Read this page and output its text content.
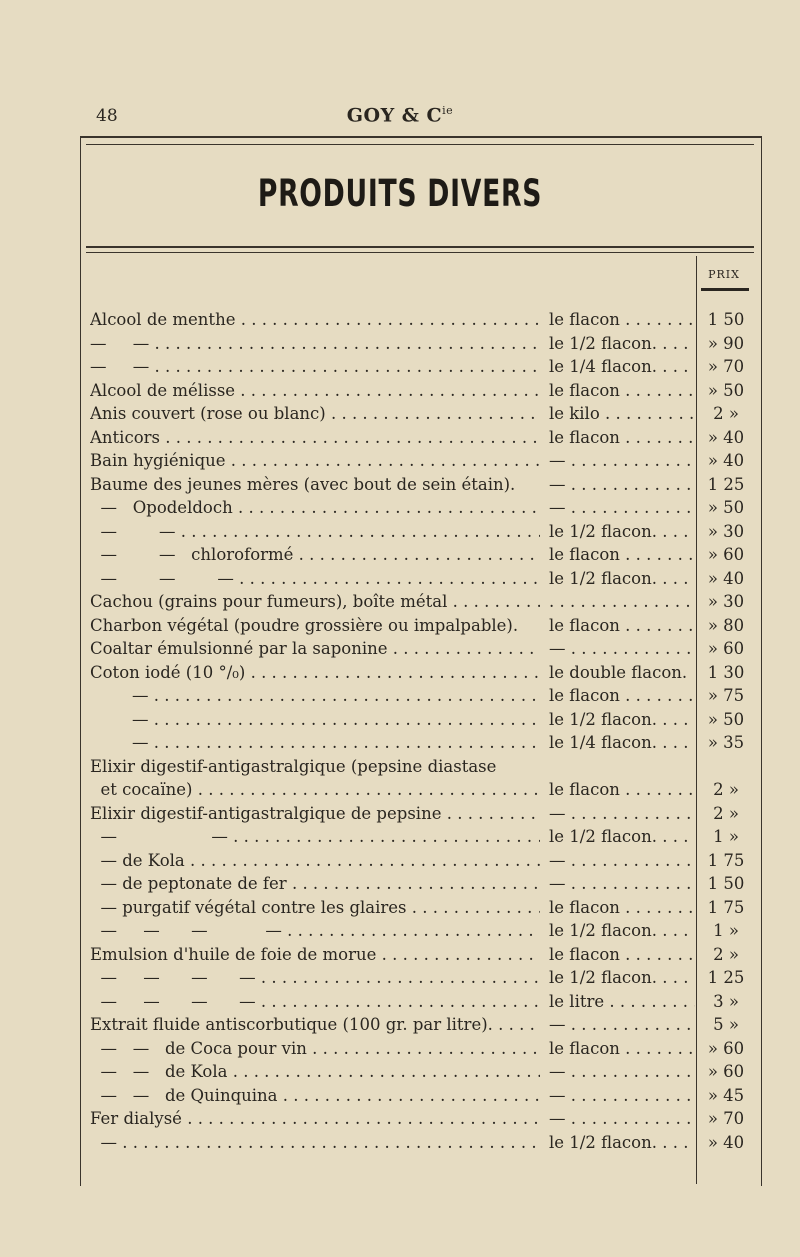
48	GOY & $C^{ie}$
PRODUITS DIVERS
PRIX
Alcool de menthe . . .	le flacon . . .	1 50
—     — . . .	le 1/2 flacon. . . .	» 90
—     — . . .	le 1/4 flacon. . . .	» 70
Alcool de mélisse . . .	le flacon . . .	» 50
Anis couvert (rose ou blanc) . . .	le kilo . . .	2 »
Anticors . . .	le flacon . . .	» 40
Bain hygiénique . . .	— . . .	» 40
Baume des jeunes mères (avec bout de sein étain).	— . . .	1 25
—   Opodeldoch . . .	— . . .	» 50
—        — . . .	le 1/2 flacon. . . .	» 30
—        —   chloroformé . . .	le flacon . . .	» 60
—        —        — . . .	le 1/2 flacon. . . .	» 40
Cachou (grains pour fumeurs), boîte métal . . .
. . .	» 30
Charbon végétal (poudre grossière ou impalpable).	le flacon . . .	» 80
Coaltar émulsionné par la saponine . . .	— . . .	» 60
Coton iodé (10 °/₀) . . .	le double flacon.	1 30
— . . .	le flacon . . .	» 75
— . . .	le 1/2 flacon. . . .	» 50
— . . .	le 1/4 flacon. . . .	» 35
Elixir digestif-antigastralgique (pepsine diastase
et cocaïne) . . .	le flacon . . .	2 »
Elixir digestif-antigastralgique de pepsine . . .	— . . .	2 »
—                  — . . .	le 1/2 flacon. . . .	1 »
— de Kola . . .	— . . .	1 75
— de peptonate de fer . . .	— . . .	1 50
— purgatif végétal contre les glaires . . .	le flacon . . .	1 75
—     —      —           — . . .	le 1/2 flacon. . . .	1 »
Emulsion d'huile de foie de morue . . .	le flacon . . .	2 »
—     —      —      — . . .	le 1/2 flacon. . . .	1 25
—     —      —      — . . .	le litre . . .	3 »
Extrait fluide antiscorbutique (100 gr. par litre). . . .	— . . .	5 »
—   —   de Coca pour vin . . .	le flacon . . .	» 60
—   —   de Kola . . .	— . . .	» 60
—   —   de Quinquina . . .	— . . .	» 45
Fer dialysé . . .	— . . .	» 70
— . . .	le 1/2 flacon. . . .	» 40
